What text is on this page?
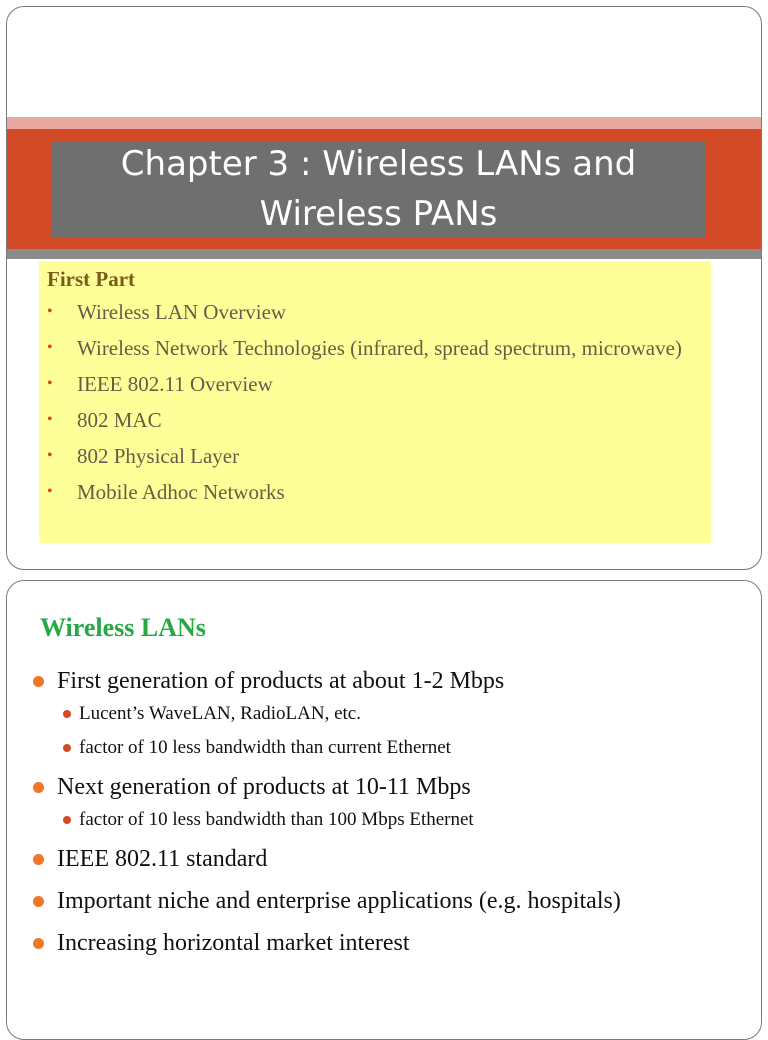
Chapter 3 : Wireless LANs and Wireless PANs

First Part

• Wireless LAN Overview
• Wireless Network Technologies (infrared, spread spectrum, microwave)
• IEEE 802.11 Overview
• 802 MAC
• 802 Physical Layer
• Mobile Adhoc Networks
Wireless LANs
First generation of products at about 1-2 Mbps
Lucent’s WaveLAN, RadioLAN, etc.
factor of 10 less bandwidth than current Ethernet
Next generation of products at 10-11 Mbps
factor of 10 less bandwidth than 100 Mbps Ethernet
IEEE 802.11 standard
Important niche and enterprise applications (e.g. hospitals)
Increasing horizontal market interest
